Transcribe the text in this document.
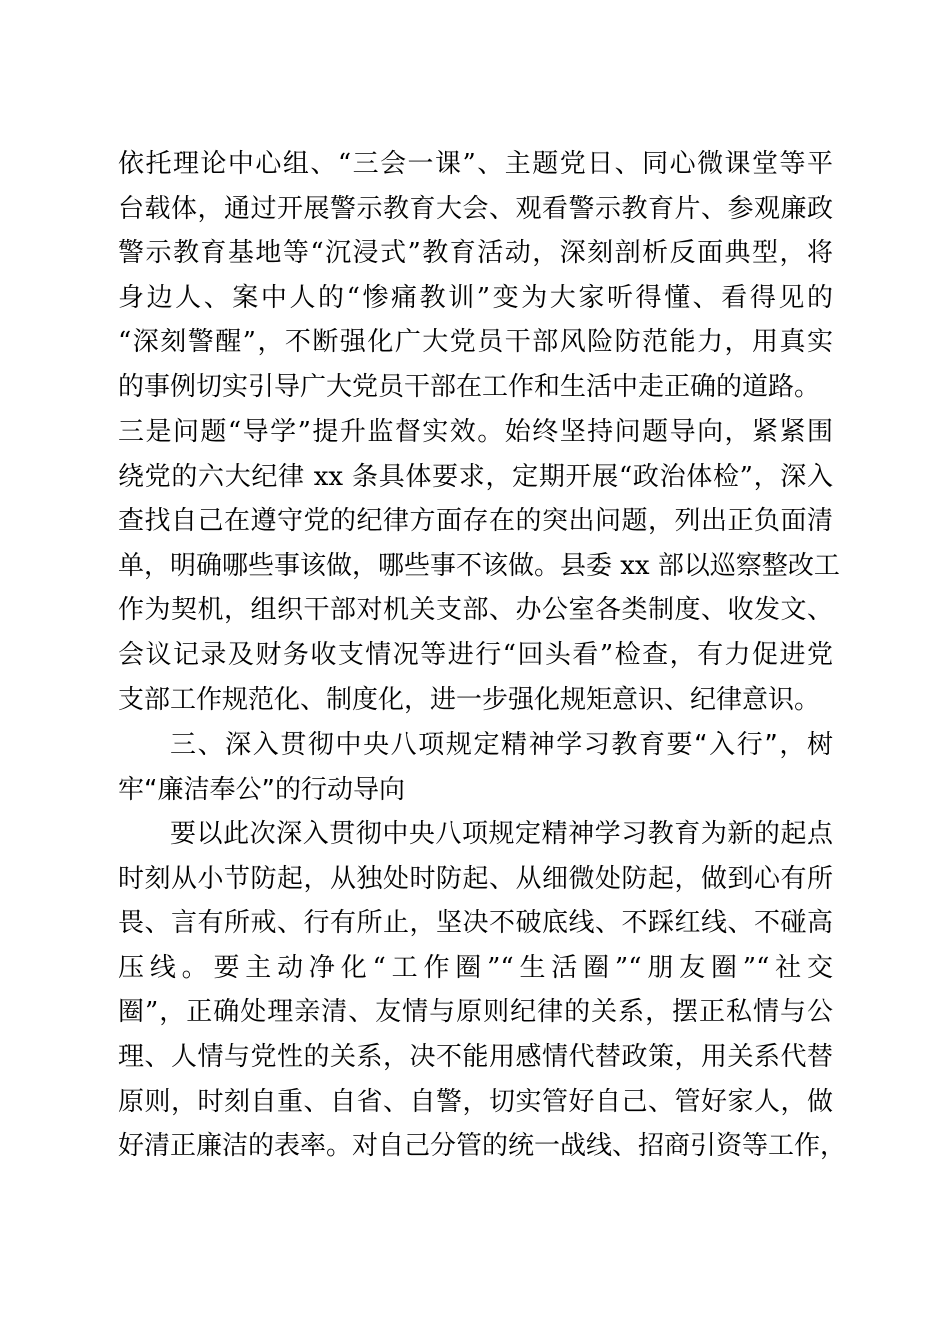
依托理论中心组、“三会一课”、主题党日、同心微课堂等平
台载体，通过开展警示教育大会、观看警示教育片、参观廉政
警示教育基地等“沉浸式”教育活动，深刻剖析反面典型，将
身边人、案中人的“惨痛教训”变为大家听得懂、看得见的
“深刻警醒”，不断强化广大党员干部风险防范能力，用真实
的事例切实引导广大党员干部在工作和生活中走正确的道路。
三是问题“导学”提升监督实效。始终坚持问题导向，紧紧围
绕党的六大纪律 xx 条具体要求，定期开展“政治体检”，深入
查找自己在遵守党的纪律方面存在的突出问题，列出正负面清
单，明确哪些事该做，哪些事不该做。县委 xx 部以巡察整改工
作为契机，组织干部对机关支部、办公室各类制度、收发文、
会议记录及财务收支情况等进行“回头看”检查，有力促进党
支部工作规范化、制度化，进一步强化规矩意识、纪律意识。
三、深入贯彻中央八项规定精神学习教育要“入行”，树
牢“廉洁奉公”的行动导向
要以此次深入贯彻中央八项规定精神学习教育为新的起点
时刻从小节防起，从独处时防起、从细微处防起，做到心有所
畏、言有所戒、行有所止，坚决不破底线、不踩红线、不碰高
压线。要主动净化“工作圈”“生活圈”“朋友圈”“社交
圈”，正确处理亲清、友情与原则纪律的关系，摆正私情与公
理、人情与党性的关系，决不能用感情代替政策，用关系代替
原则，时刻自重、自省、自警，切实管好自己、管好家人，做
好清正廉洁的表率。对自己分管的统一战线、招商引资等工作，
